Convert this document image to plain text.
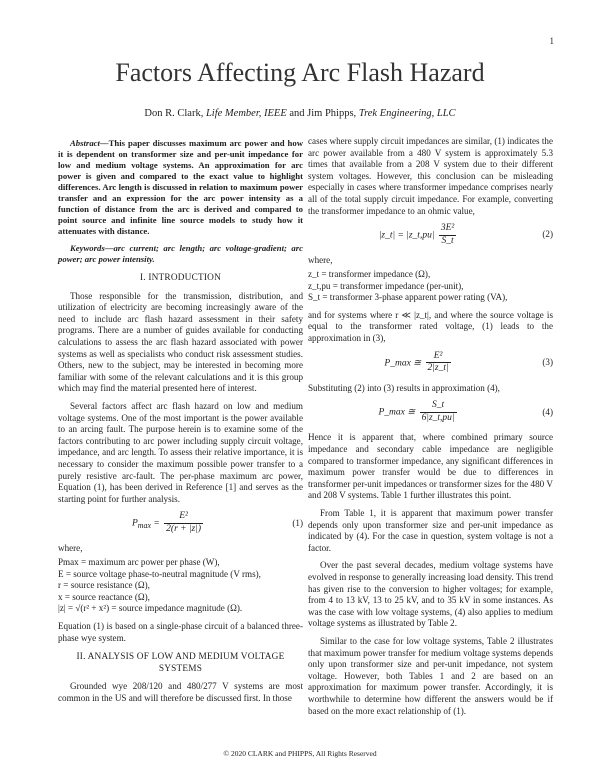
1
Factors Affecting Arc Flash Hazard
Don R. Clark, Life Member, IEEE and Jim Phipps, Trek Engineering, LLC

Abstract—This paper discusses maximum arc power and how it is dependent on transformer size and per-unit impedance for low and medium voltage systems. An approximation for arc power is given and compared to the exact value to highlight differences. Arc length is discussed in relation to maximum power transfer and an expression for the arc power intensity as a function of distance from the arc is derived and compared to point source and infinite line source models to study how it attenuates with distance.

Keywords—arc current; arc length; arc voltage-gradient; arc power; arc power intensity.

I. INTRODUCTION

Those responsible for the transmission, distribution, and utilization of electricity are becoming increasingly aware of the need to include arc flash hazard assessment in their safety programs. There are a number of guides available for conducting calculations to assess the arc flash hazard associated with power systems as well as specialists who conduct risk assessment studies. Others, new to the subject, may be interested in becoming more familiar with some of the relevant calculations and it is this group which may find the material presented here of interest.

Several factors affect arc flash hazard on low and medium voltage systems. One of the most important is the power available to an arcing fault. The purpose herein is to examine some of the factors contributing to arc power including supply circuit voltage, impedance, and arc length. To assess their relative importance, it is necessary to consider the maximum possible power transfer to a purely resistive arc-fault. The per-phase maximum arc power, Equation (1), has been derived in Reference [1] and serves as the starting point for further analysis.

$P_{max} = \frac{\text{E²}}{2(r + |z|)}$	(1)

where,

Pmax = maximum arc power per phase (W),
E = source voltage phase-to-neutral magnitude (V rms),
r = source resistance (Ω),
x = source reactance (Ω),
|z| = √(r² + x²) = source impedance magnitude (Ω).

Equation (1) is based on a single-phase circuit of a balanced three-phase wye system.

II. ANALYSIS OF LOW AND MEDIUM VOLTAGE SYSTEMS

Grounded wye 208/120 and 480/277 V systems are most common in the US and will therefore be discussed first. In those

cases where supply circuit impedances are similar, (1) indicates the arc power available from a 480 V system is approximately 5.3 times that available from a 208 V system due to their different system voltages. However, this conclusion can be misleading especially in cases where transformer impedance comprises nearly all of the total supply circuit impedance. For example, converting the transformer impedance to an ohmic value,

|z_t| = |z_t,pu| $\frac{\text{3E²}}{S\_t}$	(2)

where,

z_t = transformer impedance (Ω),
z_t,pu = transformer impedance (per-unit),
S_t = transformer 3-phase apparent power rating (VA),

and for systems where r ≪ |z_t|, and where the source voltage is equal to the transformer rated voltage, (1) leads to the approximation in (3),

P_max ≅ $\frac{\text{E²}}{2|z\_t|}$	(3)

Substituting (2) into (3) results in approximation (4),

P_max ≅ $\frac{S\_t}{6|z\_t,pu|}$	(4)

Hence it is apparent that, where combined primary source impedance and secondary cable impedance are negligible compared to transformer impedance, any significant differences in maximum power transfer would be due to differences in transformer per-unit impedances or transformer sizes for the 480 V and 208 V systems. Table 1 further illustrates this point.

From Table 1, it is apparent that maximum power transfer depends only upon transformer size and per-unit impedance as indicated by (4). For the case in question, system voltage is not a factor.

Over the past several decades, medium voltage systems have evolved in response to generally increasing load density. This trend has given rise to the conversion to higher voltages; for example, from 4 to 13 kV, 13 to 25 kV, and to 35 kV in some instances. As was the case with low voltage systems, (4) also applies to medium voltage systems as illustrated by Table 2.

Similar to the case for low voltage systems, Table 2 illustrates that maximum power transfer for medium voltage systems depends only upon transformer size and per-unit impedance, not system voltage. However, both Tables 1 and 2 are based on an approximation for maximum power transfer. Accordingly, it is worthwhile to determine how different the answers would be if based on the more exact relationship of (1).

© 2020 CLARK and PHIPPS, All Rights Reserved
